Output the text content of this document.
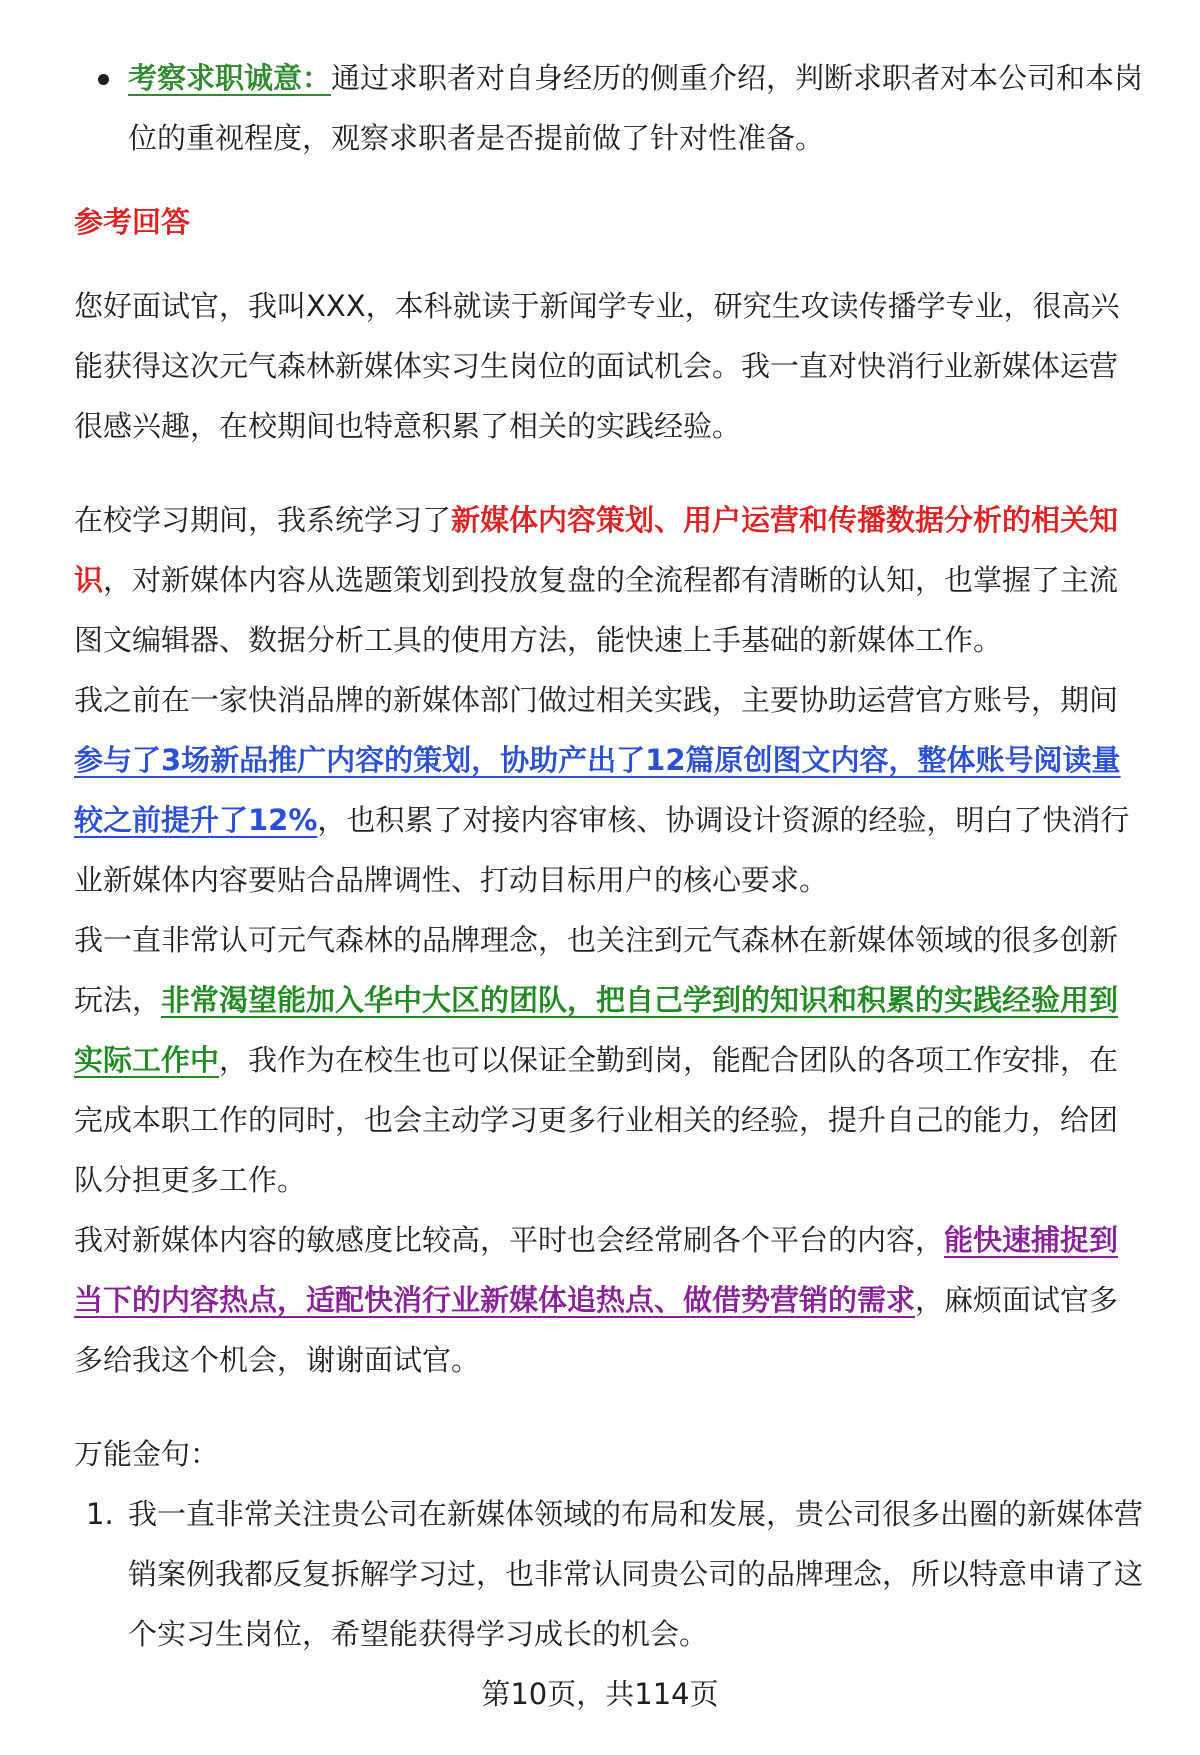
考察求职诚意：通过求职者对自身经历的侧重介绍，判断求职者对本公司和本岗位的重视程度，观察求职者是否提前做了针对性准备。

参考回答

您好面试官，我叫XXX，本科就读于新闻学专业，研究生攻读传播学专业，很高兴能获得这次元气森林新媒体实习生岗位的面试机会。我一直对快消行业新媒体运营很感兴趣，在校期间也特意积累了相关的实践经验。

在校学习期间，我系统学习了新媒体内容策划、用户运营和传播数据分析的相关知识，对新媒体内容从选题策划到投放复盘的全流程都有清晰的认知，也掌握了主流图文编辑器、数据分析工具的使用方法，能快速上手基础的新媒体工作。

我之前在一家快消品牌的新媒体部门做过相关实践，主要协助运营官方账号，期间参与了3场新品推广内容的策划，协助产出了12篇原创图文内容，整体账号阅读量较之前提升了12%，也积累了对接内容审核、协调设计资源的经验，明白了快消行业新媒体内容要贴合品牌调性、打动目标用户的核心要求。

我一直非常认可元气森林的品牌理念，也关注到元气森林在新媒体领域的很多创新玩法，非常渴望能加入华中大区的团队，把自己学到的知识和积累的实践经验用到实际工作中，我作为在校生也可以保证全勤到岗，能配合团队的各项工作安排，在完成本职工作的同时，也会主动学习更多行业相关的经验，提升自己的能力，给团队分担更多工作。

我对新媒体内容的敏感度比较高，平时也会经常刷各个平台的内容，能快速捕捉到当下的内容热点，适配快消行业新媒体追热点、做借势营销的需求，麻烦面试官多多给我这个机会，谢谢面试官。

万能金句：

1. 我一直非常关注贵公司在新媒体领域的布局和发展，贵公司很多出圈的新媒体营销案例我都反复拆解学习过，也非常认同贵公司的品牌理念，所以特意申请了这个实习生岗位，希望能获得学习成长的机会。

第10页，共114页
